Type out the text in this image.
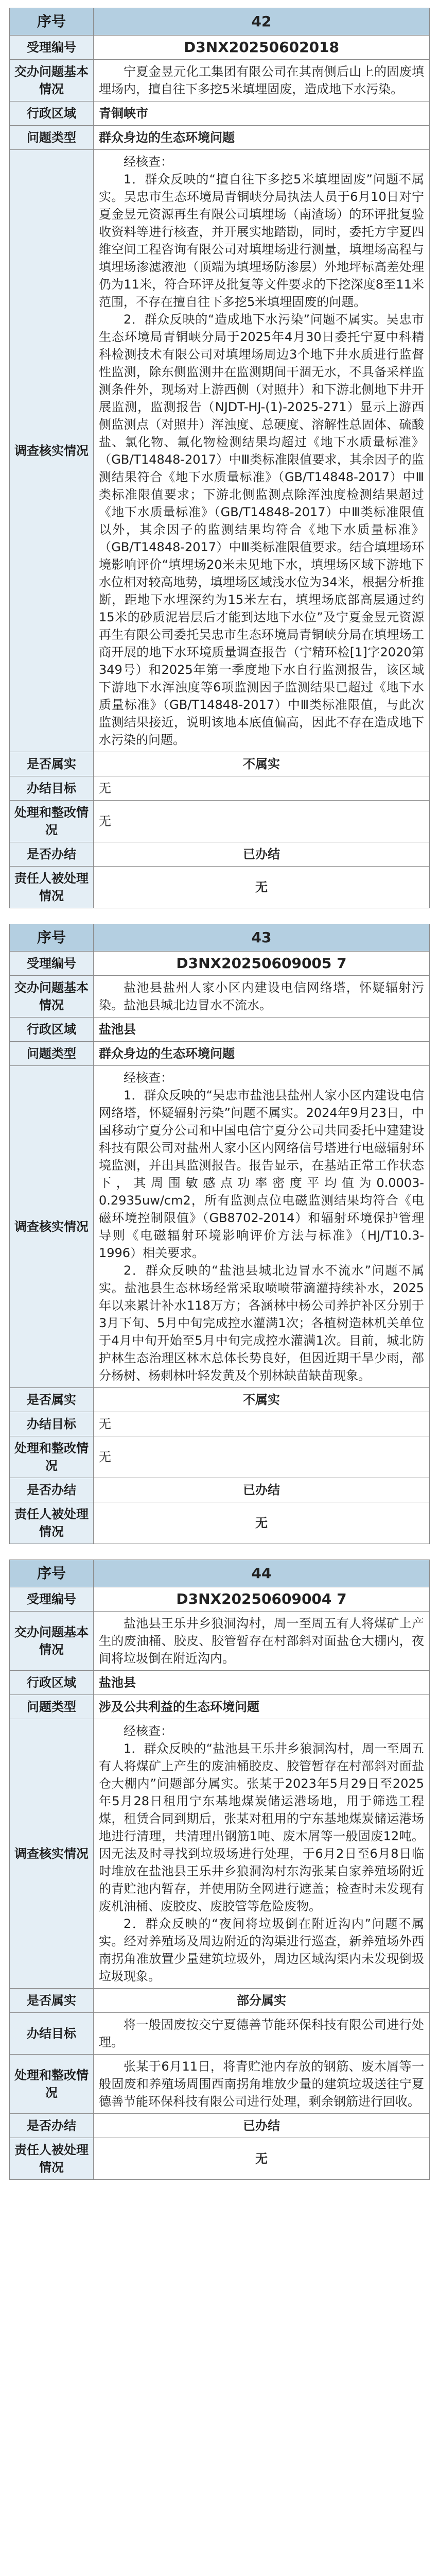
序号	42
受理编号	D3NX20250602018
交办问题基本情况	宁夏金昱元化工集团有限公司在其南侧后山上的固废填埋场内，擅自往下多挖5米填埋固废，造成地下水污染。

行政区域	青铜峡市
问题类型	群众身边的生态环境问题
调查核实情况	经核查：
1．群众反映的“擅自往下多挖5米填埋固废”问题不属实。吴忠市生态环境局青铜峡分局执法人员于6月10日对宁夏金昱元资源再生有限公司填埋场（南渣场）的环评批复验收资料等进行核查，并开展实地踏勘，同时，委托方宇夏四维空间工程咨询有限公司对填埋场进行测量，填埋场高程与填埋场渗滤液池（顶端为填埋场防渗层）外地坪标高差处理仍为11米，符合环评及批复等文件要求的下挖深度8至11米范围，不存在擅自往下多挖5米填埋固废的问题。
2．群众反映的“造成地下水污染”问题不属实。吴忠市生态环境局青铜峡分局于2025年4月30日委托宁夏中科精科检测技术有限公司对填埋场周边3个地下井水质进行监督性监测，除东侧监测井在监测期间干涸无水，不具备采样监测条件外，现场对上游西侧（对照井）和下游北侧地下井开展监测，监测报告（NJDT-HJ-(1)-2025-271）显示上游西侧监测点（对照井）浑浊度、总硬度、溶解性总固体、硫酸盐、氯化物、氟化物检测结果均超过《地下水质量标准》（GB/T14848-2017）中Ⅲ类标准限值要求，其余因子的监测结果符合《地下水质量标准》（GB/T14848-2017）中Ⅲ类标准限值要求；下游北侧监测点除浑浊度检测结果超过《地下水质量标准》（GB/T14848-2017）中Ⅲ类标准限值以外，其余因子的监测结果均符合《地下水质量标准》（GB/T14848-2017）中Ⅲ类标准限值要求。结合填埋场环境影响评价“填埋场20米未见地下水，填埋场区域下游地下水位相对较高地势，填埋场区域浅水位为34米，根据分析推断，距地下水埋深约为15米左右，填埋场底部高层通过约15米的砂质泥岩层后才能到达地下水位”及宁夏金昱元资源再生有限公司委托吴忠市生态环境局青铜峡分局在填埋场工商开展的地下水环境质量调查报告（宁精环检[1]字2020第349号）和2025年第一季度地下水自行监测报告，该区域下游地下水浑浊度等6项监测因子监测结果已超过《地下水质量标准》（GB/T14848-2017）中Ⅲ类标准限值，与此次监测结果接近，说明该地本底值偏高，因此不存在造成地下水污染的问题。

是否属实	不属实
办结目标	无
处理和整改情况	无
是否办结	已办结
责任人被处理情况	无
序号	43
受理编号	D3NX20250609005 7
交办问题基本情况	盐池县盐州人家小区内建设电信网络塔，怀疑辐射污染。盐池县城北边冒水不流水。

行政区域	盐池县
问题类型	群众身边的生态环境问题
调查核实情况	经核查：
1．群众反映的“吴忠市盐池县盐州人家小区内建设电信网络塔，怀疑辐射污染”问题不属实。2024年9月23日，中国移动宁夏分公司和中国电信宁夏分公司共同委托中建建设科技有限公司对盐州人家小区内网络信号塔进行电磁辐射环境监测，并出具监测报告。报告显示，在基站正常工作状态下，其周围敏感点功率密度平均值为0.0003-0.2935uw/cm2，所有监测点位电磁监测结果均符合《电磁环境控制限值》（GB8702-2014）和辐射环境保护管理导则《电磁辐射环境影响评价方法与标准》（HJ/T10.3-1996）相关要求。
2．群众反映的“盐池县城北边冒水不流水”问题不属实。盐池县生态林场经常采取喷喷带滴灌持续补水，2025年以来累计补水118万方；各涵林中杨公司养护补区分别于3月下旬、5月中旬完成控水灌满1次；各植树造林机关单位于4月中旬开始至5月中旬完成控水灌满1次。目前，城北防护林生态治理区林木总体长势良好，但因近期干旱少雨，部分杨树、杨刺林叶轻发黄及个别林缺苗缺苗现象。

是否属实	不属实
办结目标	无
处理和整改情况	无
是否办结	已办结
责任人被处理情况	无
序号	44
受理编号	D3NX20250609004 7
交办问题基本情况	盐池县王乐井乡狼洞沟村，周一至周五有人将煤矿上产生的废油桶、胶皮、胶管暂存在村部斜对面盐仓大棚内，夜间将垃圾倒在附近沟内。

行政区域	盐池县
问题类型	涉及公共利益的生态环境问题
调查核实情况	经核查：
1．群众反映的“盐池县王乐井乡狼洞沟村，周一至周五有人将煤矿上产生的废油桶胶皮、胶管暂存在村部斜对面盐仓大棚内”问题部分属实。张某于2023年5月29日至2025年5月28日租用宁东基地煤炭储运港场地，用于筛选工程煤，租赁合同到期后，张某对租用的宁东基地煤炭储运港场地进行清理，共清理出钢筋1吨、废木屑等一般固废12吨。因无法及时寻找到垃圾场进行处理，于6月2日至6月8日临时堆放在盐池县王乐井乡狼洞沟村东沟张某自家养殖场附近的青贮池内暂存，并使用防全网进行遮盖；检查时未发现有废机油桶、废胶皮、废胶管等危险废物。
2．群众反映的“夜间将垃圾倒在附近沟内”问题不属实。经对养殖场及周边附近的沟渠进行巡查，新养殖场外西南拐角准放置少量建筑垃圾外，周边区域沟渠内未发现倒圾垃圾现象。

是否属实	部分属实
办结目标	将一般固废按交宁夏德善节能环保科技有限公司进行处理。

处理和整改情况	张某于6月11日，将青贮池内存放的钢筋、废木屑等一般固废和养殖场周围西南拐角堆放少量的建筑垃圾送往宁夏德善节能环保科技有限公司进行处理，剩余钢筋进行回收。

是否办结	已办结
责任人被处理情况	无
